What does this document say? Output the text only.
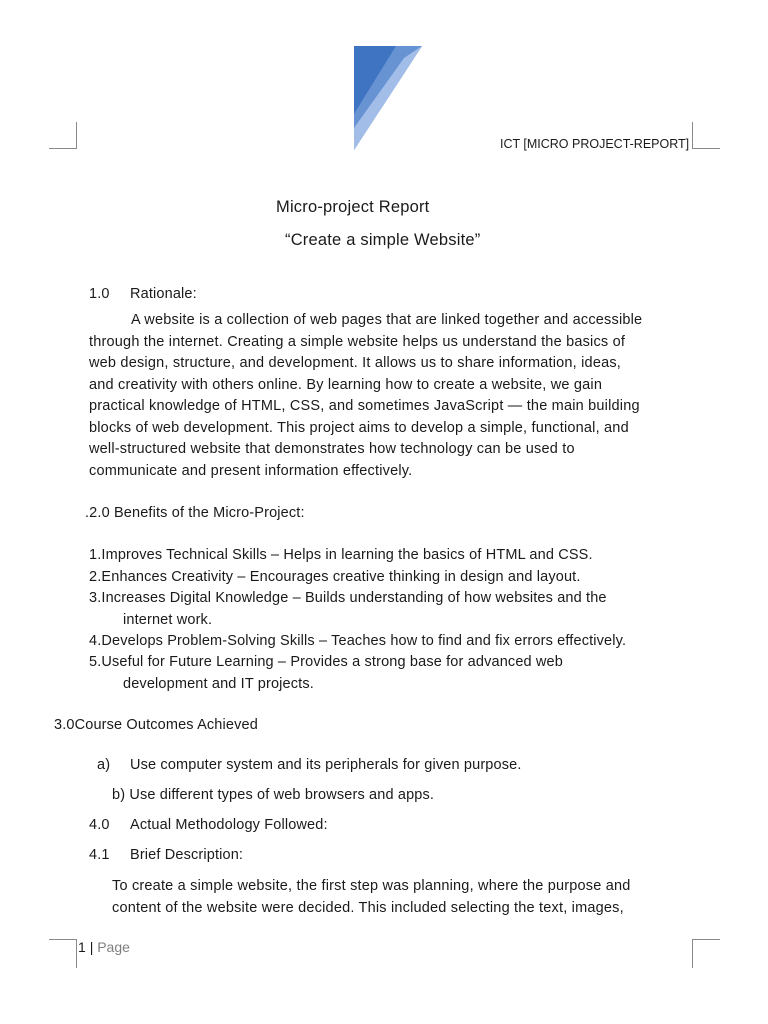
ICT [MICRO PROJECT-REPORT]
Micro-project Report
“Create a simple Website”
1.0 Rationale:
A website is a collection of web pages that are linked together and accessible
through the internet. Creating a simple website helps us understand the basics of
web design, structure, and development. It allows us to share information, ideas,
and creativity with others online. By learning how to create a website, we gain
practical knowledge of HTML, CSS, and sometimes JavaScript — the main building
blocks of web development. This project aims to develop a simple, functional, and
well-structured website that demonstrates how technology can be used to
communicate and present information effectively.
.2.0 Benefits of the Micro-Project:
1.Improves Technical Skills – Helps in learning the basics of HTML and CSS.
2.Enhances Creativity – Encourages creative thinking in design and layout.
3.Increases Digital Knowledge – Builds understanding of how websites and the
internet work.
4.Develops Problem-Solving Skills – Teaches how to find and fix errors effectively.
5.Useful for Future Learning – Provides a strong base for advanced web
development and IT projects.
3.0Course Outcomes Achieved
a) Use computer system and its peripherals for given purpose.
b) Use different types of web browsers and apps.
4.0 Actual Methodology Followed:
4.1 Brief Description:
To create a simple website, the first step was planning, where the purpose and
content of the website were decided. This included selecting the text, images,
1 | Page
